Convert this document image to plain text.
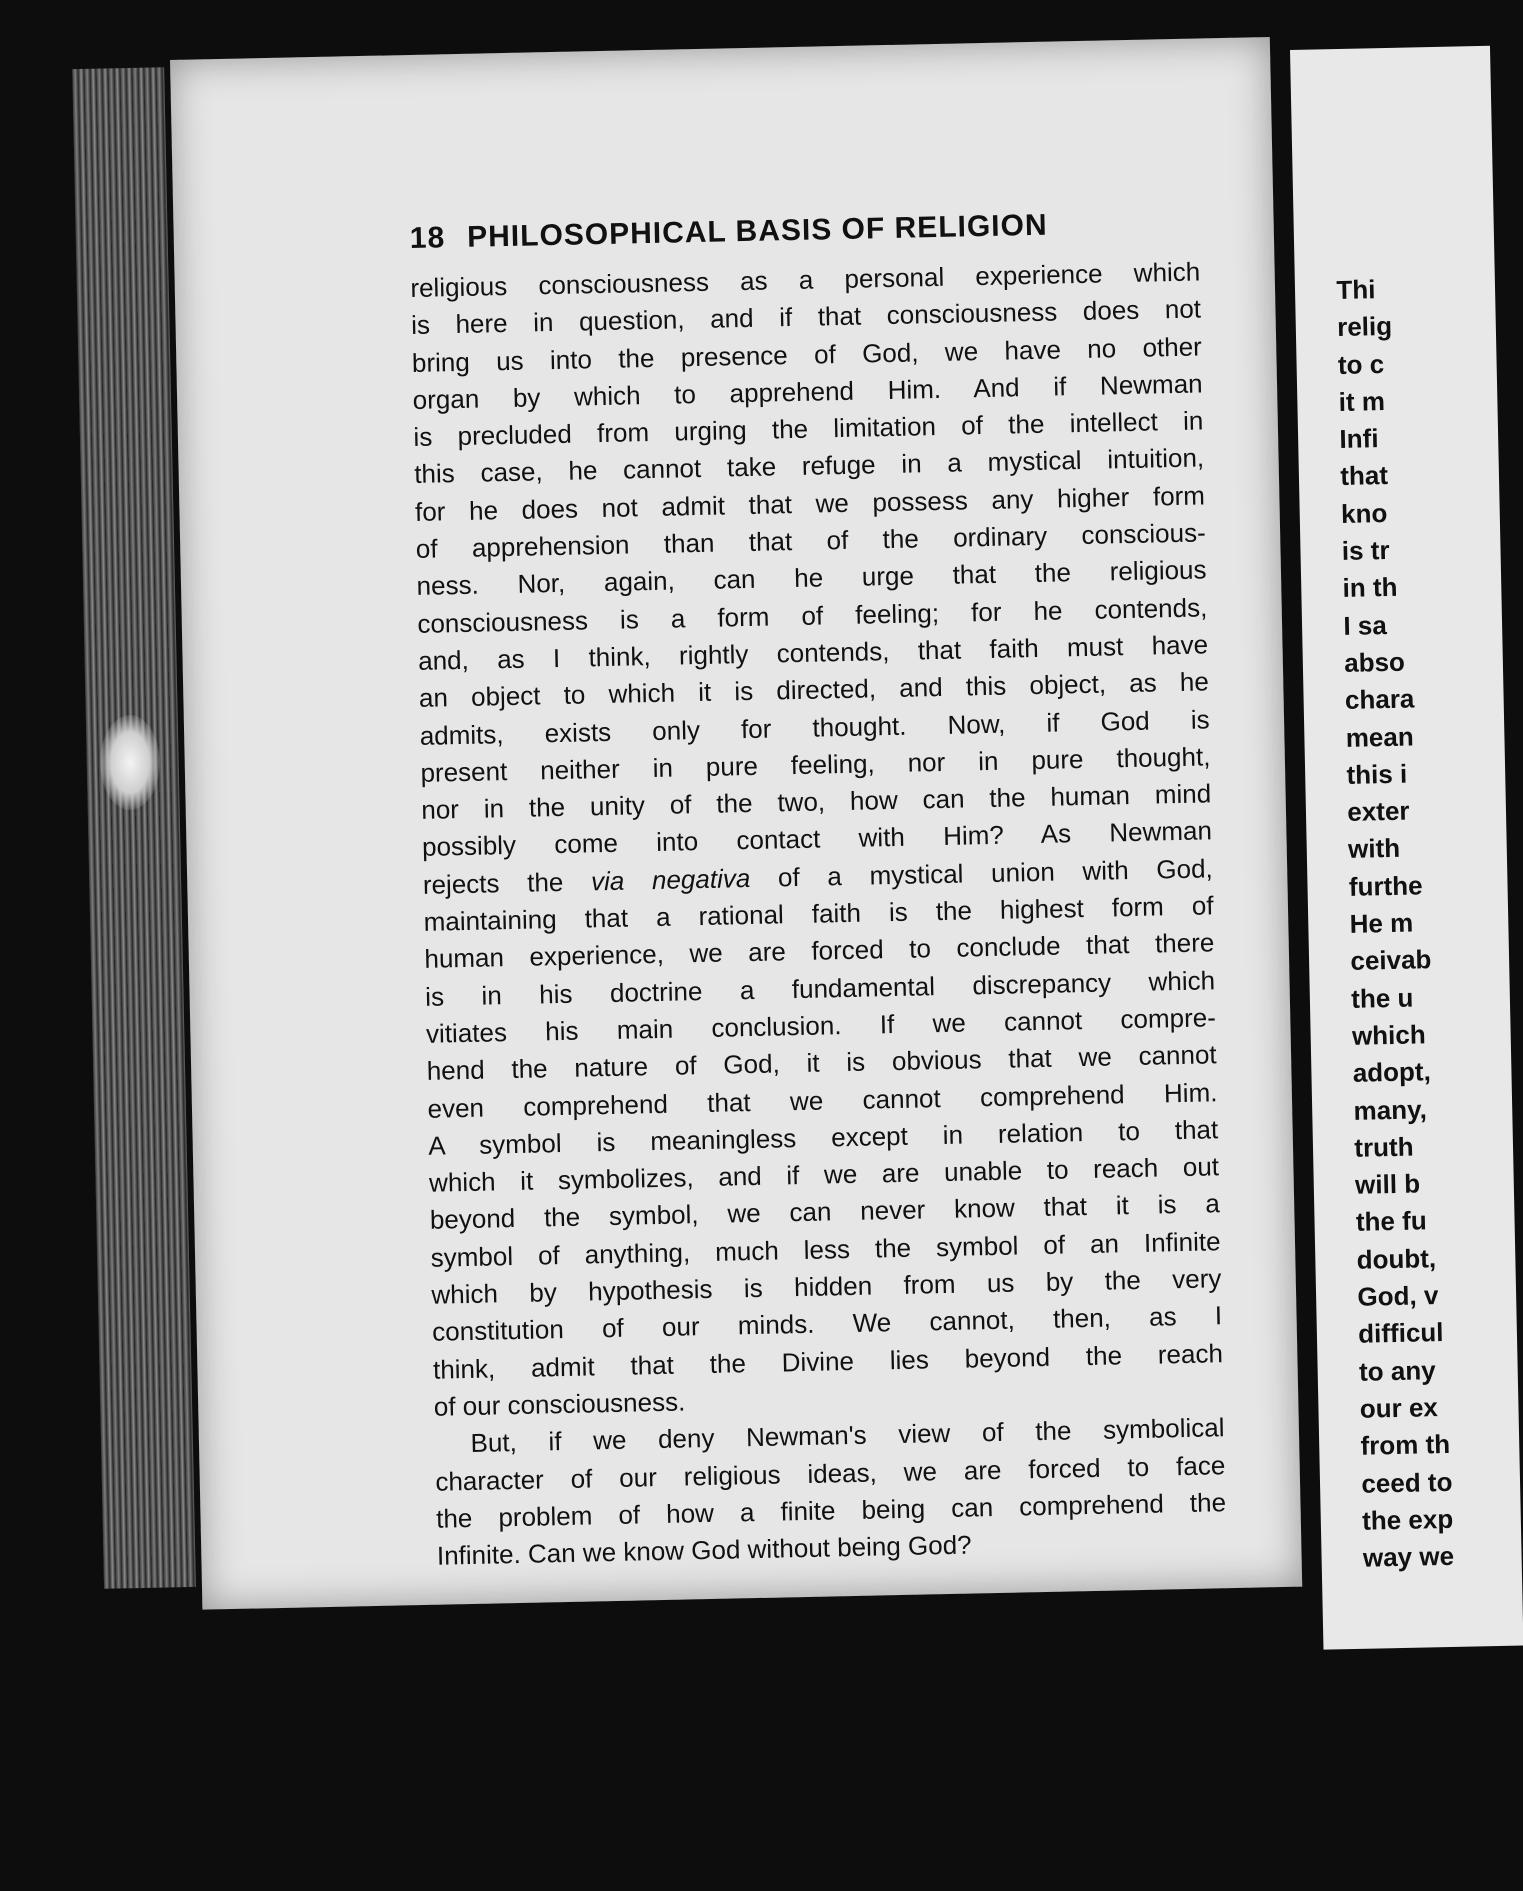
18 PHILOSOPHICAL BASIS OF RELIGION
religious consciousness as a personal experience which
is here in question, and if that consciousness does not
bring us into the presence of God, we have no other
organ by which to apprehend Him. And if Newman
is precluded from urging the limitation of the intellect in
this case, he cannot take refuge in a mystical intuition,
for he does not admit that we possess any higher form
of apprehension than that of the ordinary conscious-
ness. Nor, again, can he urge that the religious
consciousness is a form of feeling; for he contends,
and, as I think, rightly contends, that faith must have
an object to which it is directed, and this object, as he
admits, exists only for thought. Now, if God is
present neither in pure feeling, nor in pure thought,
nor in the unity of the two, how can the human mind
possibly come into contact with Him? As Newman
rejects the via negativa of a mystical union with God,
maintaining that a rational faith is the highest form of
human experience, we are forced to conclude that there
is in his doctrine a fundamental discrepancy which
vitiates his main conclusion. If we cannot compre-
hend the nature of God, it is obvious that we cannot
even comprehend that we cannot comprehend Him.
A symbol is meaningless except in relation to that
which it symbolizes, and if we are unable to reach out
beyond the symbol, we can never know that it is a
symbol of anything, much less the symbol of an Infinite
which by hypothesis is hidden from us by the very
constitution of our minds. We cannot, then, as I
think, admit that the Divine lies beyond the reach
of our consciousness.
But, if we deny Newman's view of the symbolical
character of our religious ideas, we are forced to face
the problem of how a finite being can comprehend the
Infinite. Can we know God without being God?
Thi
relig
to c
it m
Infi
that
kno
is tr
in th
I sa
abso
chara
mean
this i
exter
with
furthe
He m
ceivab
the u
which
adopt,
many,
truth
will b
the fu
doubt,
God, v
difficul
to any
our ex
from th
ceed to
the exp
way we
